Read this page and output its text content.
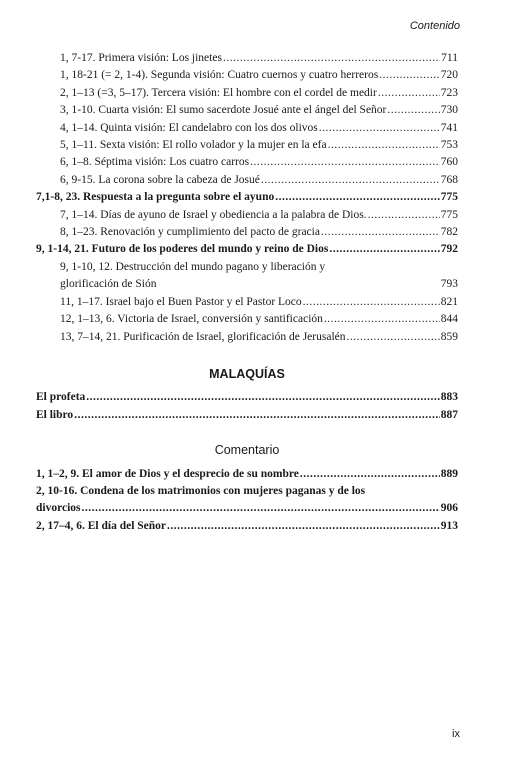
Contenido
1, 7-17. Primera visión: Los jinetes .....	711
1, 18-21 (= 2, 1-4). Segunda visión: Cuatro cuernos y cuatro herreros .....	720
2, 1–13 (=3, 5–17). Tercera visión: El hombre con el cordel de medir .....	723
3, 1-10. Cuarta visión: El sumo sacerdote Josué ante el ángel del Señor .....	730
4, 1–14. Quinta visión: El candelabro con los dos olivos .....	741
5, 1–11. Sexta visión: El rollo volador y la mujer en la efa .....	753
6, 1–8. Séptima visión: Los cuatro carros .....	760
6, 9-15. La corona sobre la cabeza de Josué .....	768
7,1-8, 23. Respuesta a la pregunta sobre el ayuno .....	775
7, 1–14. Días de ayuno de Israel y obediencia a la palabra de Dios. .....	775
8, 1–23. Renovación y cumplimiento del pacto de gracia .....	782
9, 1-14, 21. Futuro de los poderes del mundo y reino de Dios .....	792
9, 1-10, 12. Destrucción del mundo pagano y liberación y
glorificación de Sión	793
11, 1–17. Israel bajo el Buen Pastor y el Pastor Loco .....	821
12, 1–13, 6. Victoria de Israel, conversión y santificación .....	844
13, 7–14, 21. Purificación de Israel, glorificación de Jerusalén .....	859
MALAQUÍAS
El profeta .....	883
El libro .....	887
Comentario
1, 1–2, 9. El amor de Dios y el desprecio de su nombre .....	889
2, 10-16. Condena de los matrimonios con mujeres paganas y de los
divorcios .....	906
2, 17–4, 6. El día del Señor .....	913
ix
